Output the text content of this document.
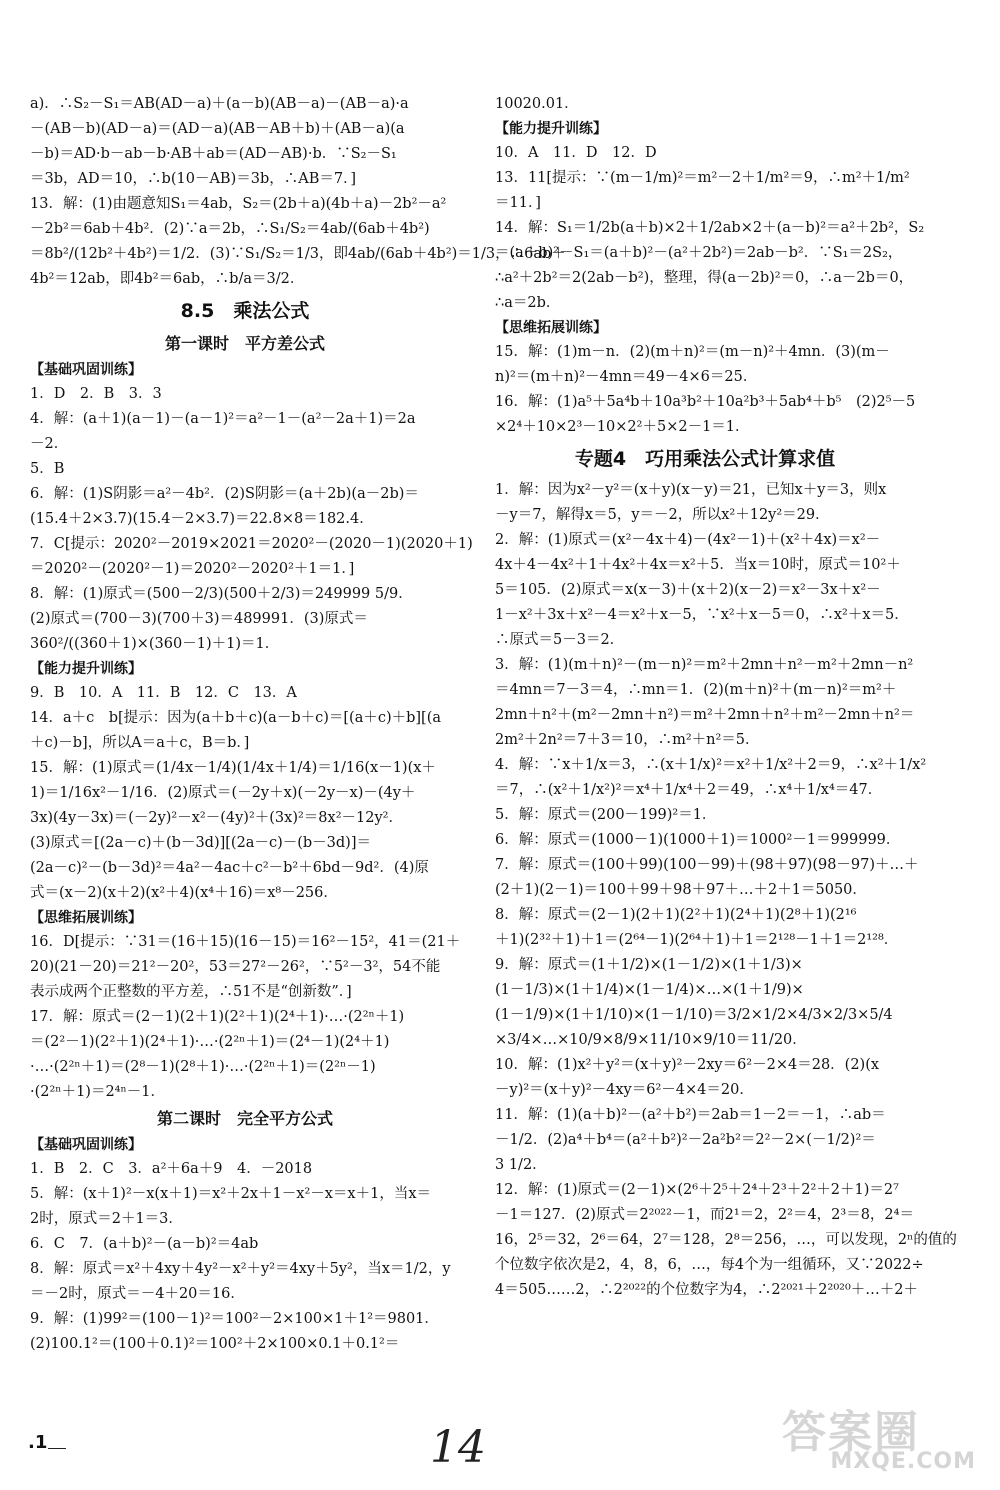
a)．∴S₂－S₁＝AB(AD－a)＋(a－b)(AB－a)－(AB－a)·a
－(AB－b)(AD－a)＝(AD－a)(AB－AB＋b)＋(AB－a)(a
－b)＝AD·b－ab－b·AB＋ab＝(AD－AB)·b．∵S₂－S₁
＝3b，AD＝10，∴b(10－AB)＝3b，∴AB＝7．]
13．解：(1)由题意知S₁＝4ab，S₂＝(2b＋a)(4b＋a)－2b²－a²
－2b²＝6ab＋4b²．(2)∵a＝2b，∴S₁/S₂＝4ab/(6ab＋4b²)
＝8b²/(12b²＋4b²)＝1/2．(3)∵S₁/S₂＝1/3，即4ab/(6ab＋4b²)＝1/3，∴6ab＋
4b²＝12ab，即4b²＝6ab，∴b/a＝3/2．
8.5　乘法公式
第一课时　平方差公式
【基础巩固训练】
1．D　2．B　3．3
4．解：(a＋1)(a－1)－(a－1)²＝a²－1－(a²－2a＋1)＝2a
－2．
5．B
6．解：(1)S阴影＝a²－4b²．(2)S阴影＝(a＋2b)(a－2b)＝
(15.4＋2×3.7)(15.4－2×3.7)＝22.8×8＝182.4．
7．C[提示：2020²－2019×2021＝2020²－(2020－1)(2020＋1)
＝2020²－(2020²－1)＝2020²－2020²＋1＝1．]
8．解：(1)原式＝(500－2/3)(500＋2/3)＝249999 5/9．
(2)原式＝(700－3)(700＋3)＝489991．(3)原式＝
360²/((360＋1)×(360－1)＋1)＝1．
【能力提升训练】
9．B　10．A　11．B　12．C　13．A
14．a＋c　b[提示：因为(a＋b＋c)(a－b＋c)＝[(a＋c)＋b][(a
＋c)－b]，所以A＝a＋c，B＝b．]
15．解：(1)原式＝(1/4x－1/4)(1/4x＋1/4)＝1/16(x－1)(x＋
1)＝1/16x²－1/16．(2)原式＝(－2y＋x)(－2y－x)－(4y＋
3x)(4y－3x)＝(－2y)²－x²－(4y)²＋(3x)²＝8x²－12y²．
(3)原式＝[(2a－c)＋(b－3d)][(2a－c)－(b－3d)]＝
(2a－c)²－(b－3d)²＝4a²－4ac＋c²－b²＋6bd－9d²．(4)原
式＝(x－2)(x＋2)(x²＋4)(x⁴＋16)＝x⁸－256．
【思维拓展训练】
16．D[提示：∵31＝(16＋15)(16－15)＝16²－15²，41＝(21＋
20)(21－20)＝21²－20²，53＝27²－26²，∵5²－3²，54不能
表示成两个正整数的平方差，∴51不是“创新数”．]
17．解：原式＝(2－1)(2＋1)(2²＋1)(2⁴＋1)·…·(2²ⁿ＋1)
＝(2²－1)(2²＋1)(2⁴＋1)·…·(2²ⁿ＋1)＝(2⁴－1)(2⁴＋1)
·…·(2²ⁿ＋1)＝(2⁸－1)(2⁸＋1)·…·(2²ⁿ＋1)＝(2²ⁿ－1)
·(2²ⁿ＋1)＝2⁴ⁿ－1．
第二课时　完全平方公式
【基础巩固训练】
1．B　2．C　3．a²＋6a＋9　4．－2018
5．解：(x＋1)²－x(x＋1)＝x²＋2x＋1－x²－x＝x＋1，当x＝
2时，原式＝2＋1＝3．
6．C　7．(a＋b)²－(a－b)²＝4ab
8．解：原式＝x²＋4xy＋4y²－x²＋y²＝4xy＋5y²，当x＝1/2，y
＝－2时，原式＝－4＋20＝16．
9．解：(1)99²＝(100－1)²＝100²－2×100×1＋1²＝9801．
(2)100.1²＝(100＋0.1)²＝100²＋2×100×0.1＋0.1²＝
10020.01．
【能力提升训练】
10．A　11．D　12．D
13．11[提示：∵(m－1/m)²＝m²－2＋1/m²＝9，∴m²＋1/m²
＝11．]
14．解：S₁＝1/2b(a＋b)×2＋1/2ab×2＋(a－b)²＝a²＋2b²，S₂
＝(a＋b)²－S₁＝(a＋b)²－(a²＋2b²)＝2ab－b²．∵S₁＝2S₂，
∴a²＋2b²＝2(2ab－b²)，整理，得(a－2b)²＝0，∴a－2b＝0，
∴a＝2b．
【思维拓展训练】
15．解：(1)m－n．(2)(m＋n)²＝(m－n)²＋4mn．(3)(m－
n)²＝(m＋n)²－4mn＝49－4×6＝25．
16．解：(1)a⁵＋5a⁴b＋10a³b²＋10a²b³＋5ab⁴＋b⁵　(2)2⁵－5
×2⁴＋10×2³－10×2²＋5×2－1＝1．
专题4　巧用乘法公式计算求值
1．解：因为x²－y²＝(x＋y)(x－y)＝21，已知x＋y＝3，则x
－y＝7，解得x＝5，y＝－2，所以x²＋12y²＝29．
2．解：(1)原式＝(x²－4x＋4)－(4x²－1)＋(x²＋4x)＝x²－
4x＋4－4x²＋1＋4x²＋4x＝x²＋5．当x＝10时，原式＝10²＋
5＝105．(2)原式＝x(x－3)＋(x＋2)(x－2)＝x²－3x＋x²－
1－x²＋3x＋x²－4＝x²＋x－5，∵x²＋x－5＝0，∴x²＋x＝5．
∴原式＝5－3＝2．
3．解：(1)(m＋n)²－(m－n)²＝m²＋2mn＋n²－m²＋2mn－n²
＝4mn＝7－3＝4，∴mn＝1．(2)(m＋n)²＋(m－n)²＝m²＋
2mn＋n²＋(m²－2mn＋n²)＝m²＋2mn＋n²＋m²－2mn＋n²＝
2m²＋2n²＝7＋3＝10，∴m²＋n²＝5．
4．解：∵x＋1/x＝3，∴(x＋1/x)²＝x²＋1/x²＋2＝9，∴x²＋1/x²
＝7，∴(x²＋1/x²)²＝x⁴＋1/x⁴＋2＝49，∴x⁴＋1/x⁴＝47．
5．解：原式＝(200－199)²＝1．
6．解：原式＝(1000－1)(1000＋1)＝1000²－1＝999999．
7．解：原式＝(100＋99)(100－99)＋(98＋97)(98－97)＋…＋
(2＋1)(2－1)＝100＋99＋98＋97＋…＋2＋1＝5050．
8．解：原式＝(2－1)(2＋1)(2²＋1)(2⁴＋1)(2⁸＋1)(2¹⁶
＋1)(2³²＋1)＋1＝(2⁶⁴－1)(2⁶⁴＋1)＋1＝2¹²⁸－1＋1＝2¹²⁸．
9．解：原式＝(1＋1/2)×(1－1/2)×(1＋1/3)×
(1－1/3)×(1＋1/4)×(1－1/4)×…×(1＋1/9)×
(1－1/9)×(1＋1/10)×(1－1/10)＝3/2×1/2×4/3×2/3×5/4
×3/4×…×10/9×8/9×11/10×9/10＝11/20．
10．解：(1)x²＋y²＝(x＋y)²－2xy＝6²－2×4＝28．(2)(x
－y)²＝(x＋y)²－4xy＝6²－4×4＝20．
11．解：(1)(a＋b)²－(a²＋b²)＝2ab＝1－2＝－1，∴ab＝
－1/2．(2)a⁴＋b⁴＝(a²＋b²)²－2a²b²＝2²－2×(－1/2)²＝
3 1/2．
12．解：(1)原式＝(2－1)×(2⁶＋2⁵＋2⁴＋2³＋2²＋2＋1)＝2⁷
－1＝127．(2)原式＝2²⁰²²－1，而2¹＝2，2²＝4，2³＝8，2⁴＝
16，2⁵＝32，2⁶＝64，2⁷＝128，2⁸＝256，…，可以发现，2ⁿ的值的
个位数字依次是2，4，8，6，…，每4个为一组循环，又∵2022÷
4＝505……2，∴2²⁰²²的个位数字为4，∴2²⁰²¹＋2²⁰²⁰＋…＋2＋
.1	14	答案圈
MXQE.COM
